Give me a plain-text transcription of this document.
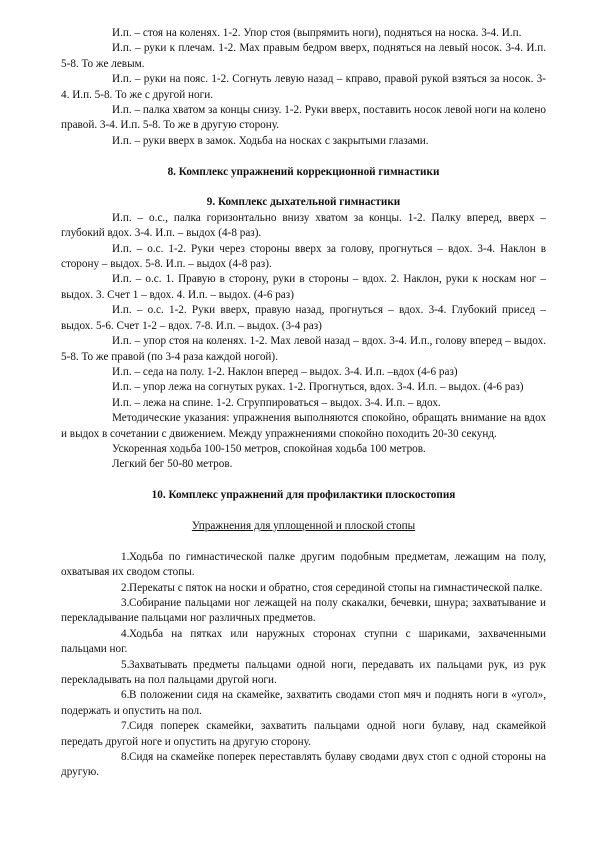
И.п. – стоя на коленях. 1-2. Упор стоя (выпрямить ноги), подняться на носка. 3-4. И.п.

И.п. – руки к плечам. 1-2. Мах правым бедром вверх, подняться на левый носок. 3-4. И.п. 5-8. То же левым.

И.п. – руки на пояс. 1-2. Согнуть левую назад – кправо, правой рукой взяться за носок. 3-4. И.п. 5-8. То же с другой ноги.

И.п. – палка хватом за концы снизу. 1-2. Руки вверх, поставить носок левой ноги на колено правой. 3-4. И.п. 5-8. То же в другую сторону.

И.п. – руки вверх в замок. Ходьба на носках с закрытыми глазами.

8. Комплекс упражнений коррекционной гимнастики

9. Комплекс дыхательной гимнастики

И.п. – о.с., палка горизонтально внизу хватом за концы. 1-2. Палку вперед, вверх – глубокий вдох. 3-4. И.п. – выдох (4-8 раз).

И.п. – о.с. 1-2. Руки через стороны вверх за голову, прогнуться – вдох. 3-4. Наклон в сторону – выдох. 5-8. И.п. – выдох (4-8 раз).

И.п. – о.с. 1. Правую в сторону, руки в стороны – вдох. 2. Наклон, руки к носкам ног – выдох. 3. Счет 1 – вдох. 4. И.п. – выдох. (4-6 раз)

И.п. – о.с. 1-2. Руки вверх, правую назад, прогнуться – вдох. 3-4. Глубокий присед – выдох. 5-6. Счет 1-2 – вдох. 7-8. И.п. – выдох. (3-4 раз)

И.п. – упор стоя на коленях. 1-2. Мах левой назад – вдох. 3-4. И.п., голову вперед – выдох. 5-8. То же правой (по 3-4 раза каждой ногой).

И.п. – седа на полу. 1-2. Наклон вперед – выдох. 3-4. И.п. –вдох (4-6 раз)

И.п. – упор лежа на согнутых руках. 1-2. Прогнуться, вдох. 3-4. И.п. – выдох. (4-6 раз)

И.п. – лежа на спине. 1-2. Сгруппироваться – выдох. 3-4. И.п. – вдох.

Методические указания: упражнения выполняются спокойно, обращать внимание на вдох и выдох в сочетании с движением. Между упражнениями спокойно походить 20-30 секунд.

Ускоренная ходьба 100-150 метров, спокойная ходьба 100 метров.

Легкий бег 50-80 метров.

10. Комплекс упражнений для профилактики плоскостопия

Упражнения для уплощенной и плоской стопы

1.Ходьба по гимнастической палке другим подобным предметам, лежащим на полу, охватывая их сводом стопы.

2.Перекаты с пяток на носки и обратно, стоя серединой стопы на гимнастической палке.

3.Собирание пальцами ног лежащей на полу скакалки, бечевки, шнура; захватывание и перекладывание пальцами ног различных предметов.

4.Ходьба на пятках или наружных сторонах ступни с шариками, захваченными пальцами ног.

5.Захватывать предметы пальцами одной ноги, передавать их пальцами рук, из рук перекладывать на пол пальцами другой ноги.

6.В положении сидя на скамейке, захватить сводами стоп мяч и поднять ноги в «угол», подержать и опустить на пол.

7.Сидя поперек скамейки, захватить пальцами одной ноги булаву, над скамейкой передать другой ноге и опустить на другую сторону.

8.Сидя на скамейке поперек переставлять булаву сводами двух стоп с одной стороны на другую.
